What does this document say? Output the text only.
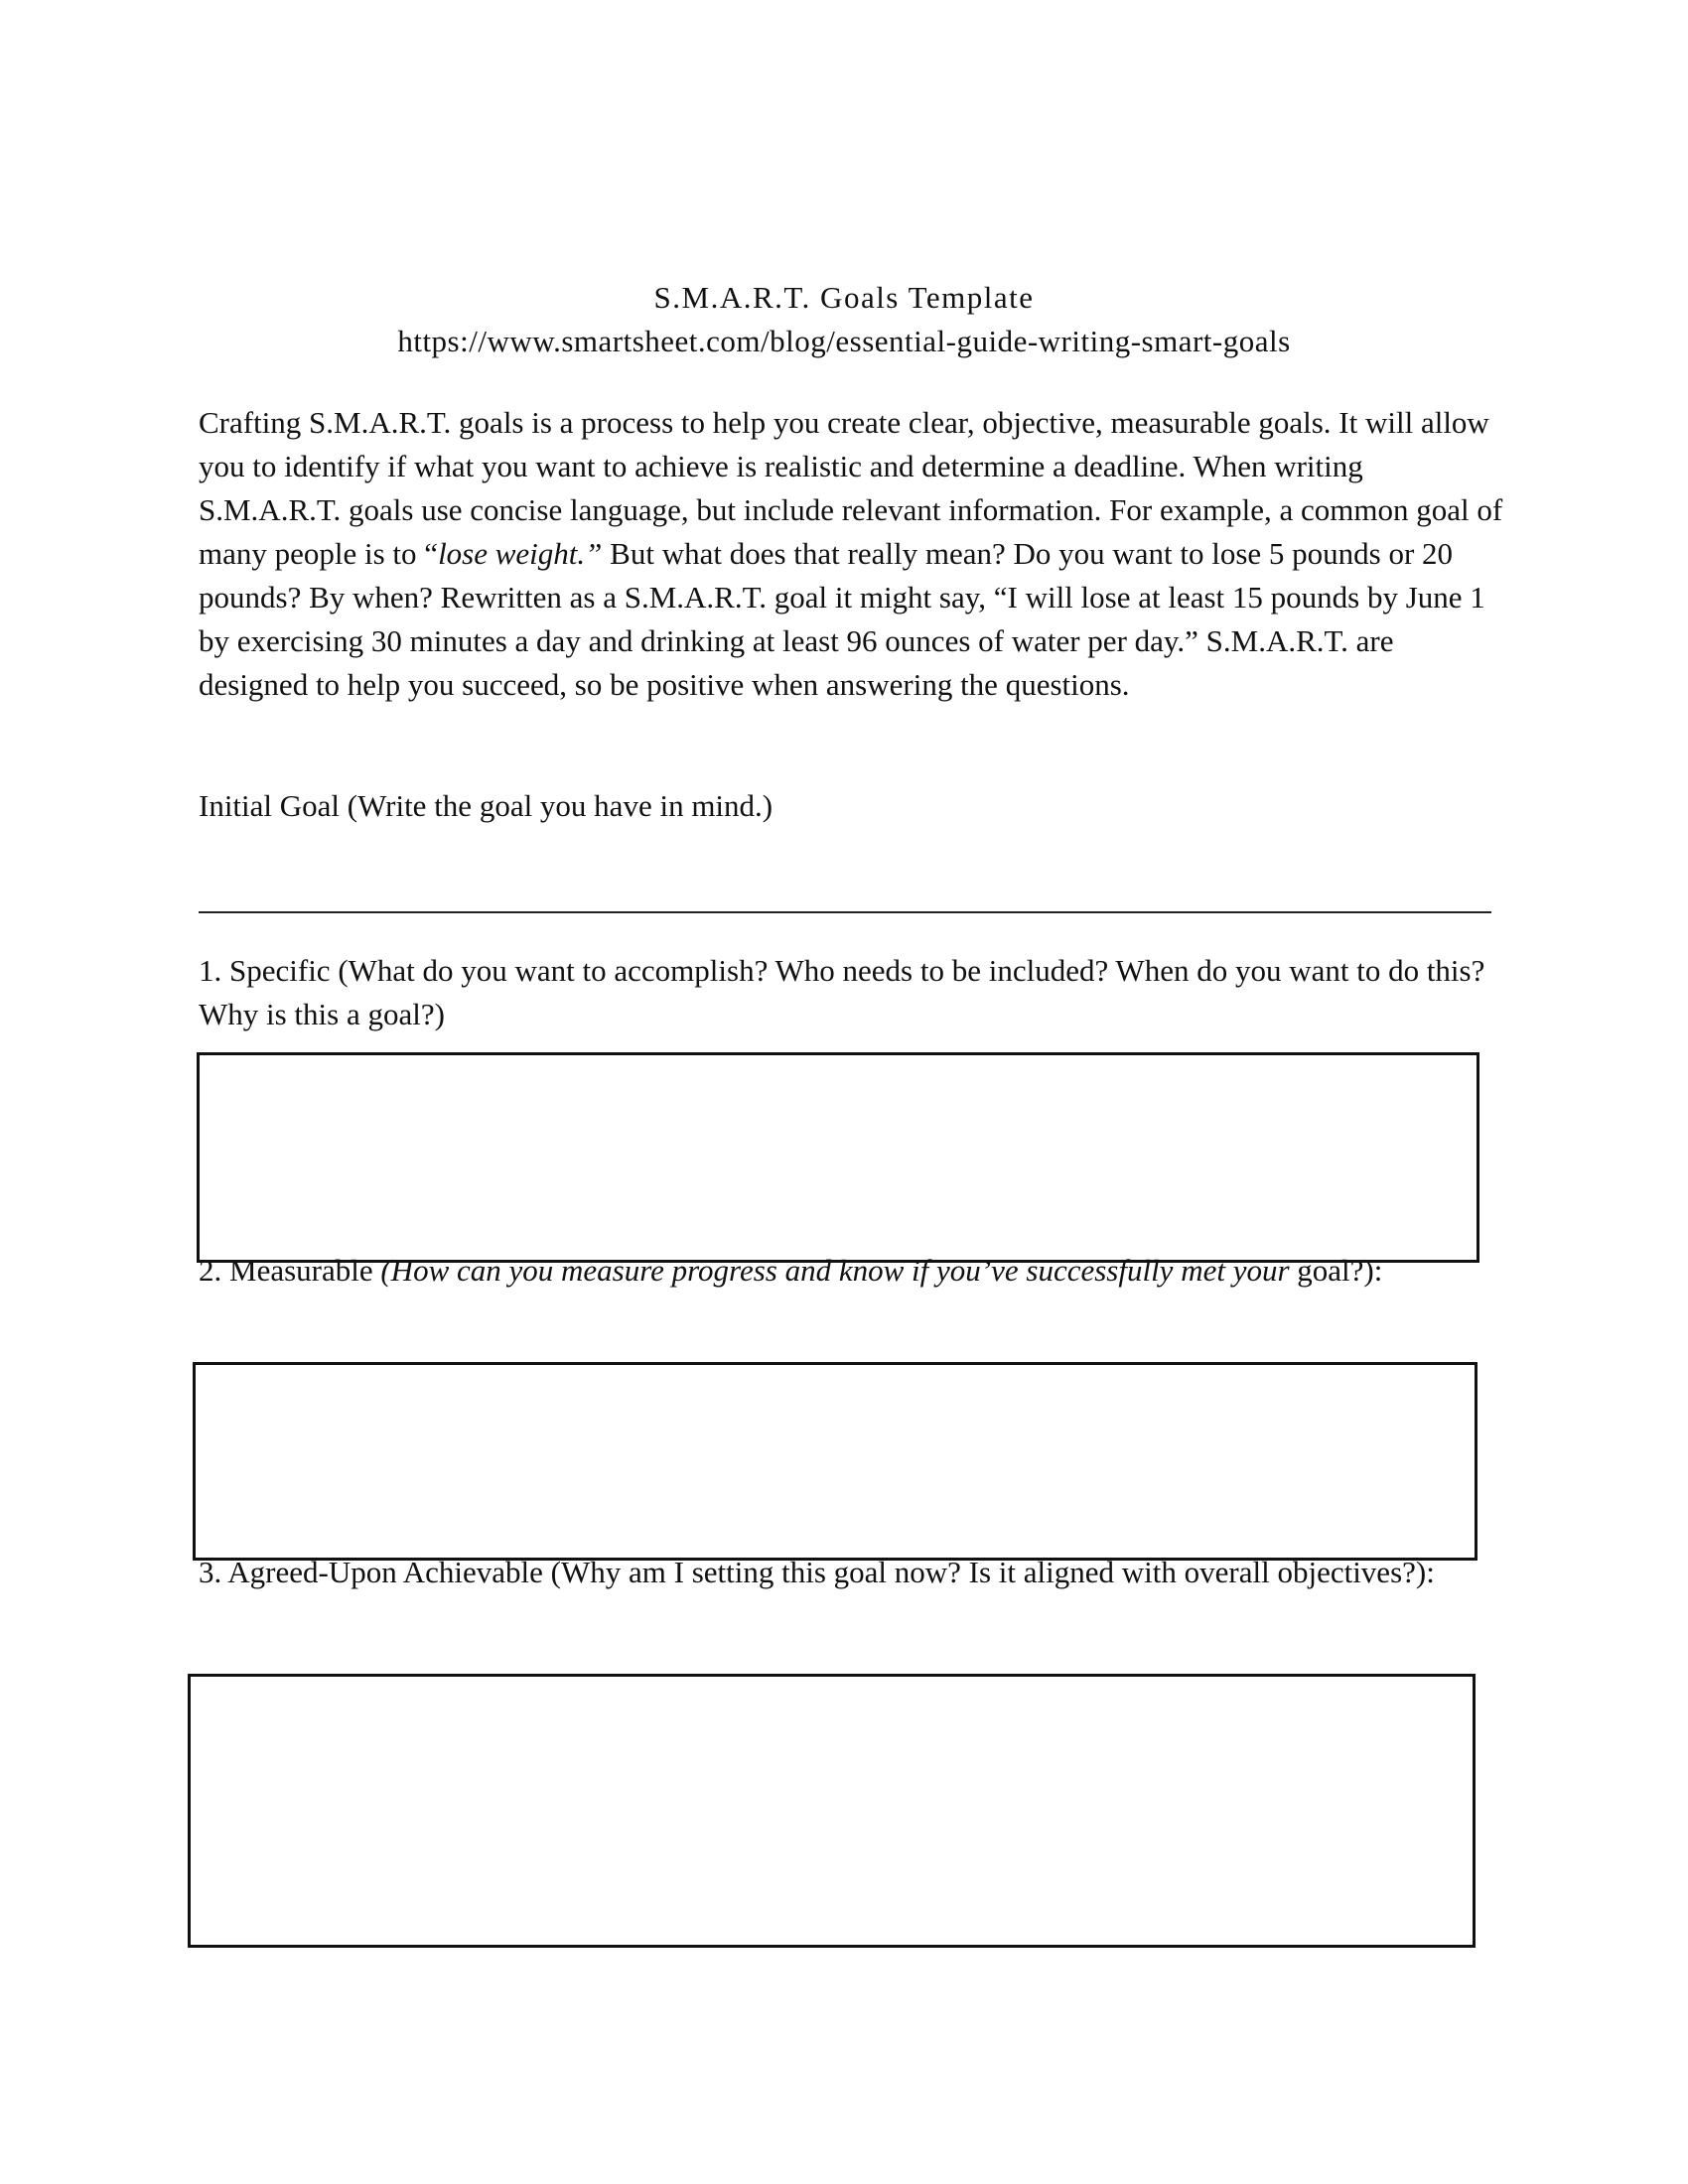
S.M.A.R.T. Goals Template
https://www.smartsheet.com/blog/essential-guide-writing-smart-goals

Crafting S.M.A.R.T. goals is a process to help you create clear, objective, measurable goals. It will allow you to identify if what you want to achieve is realistic and determine a deadline. When writing S.M.A.R.T. goals use concise language, but include relevant information. For example, a common goal of many people is to “lose weight.” But what does that really mean? Do you want to lose 5 pounds or 20 pounds? By when? Rewritten as a S.M.A.R.T. goal it might say, “I will lose at least 15 pounds by June 1 by exercising 30 minutes a day and drinking at least 96 ounces of water per day.” S.M.A.R.T. are designed to help you succeed, so be positive when answering the questions.

Initial Goal (Write the goal you have in mind.)

1. Specific (What do you want to accomplish? Who needs to be included? When do you want to do this? Why is this a goal?)

2. Measurable (How can you measure progress and know if you’ve successfully met your goal?):

3. Agreed-Upon Achievable (Why am I setting this goal now? Is it aligned with overall objectives?):
